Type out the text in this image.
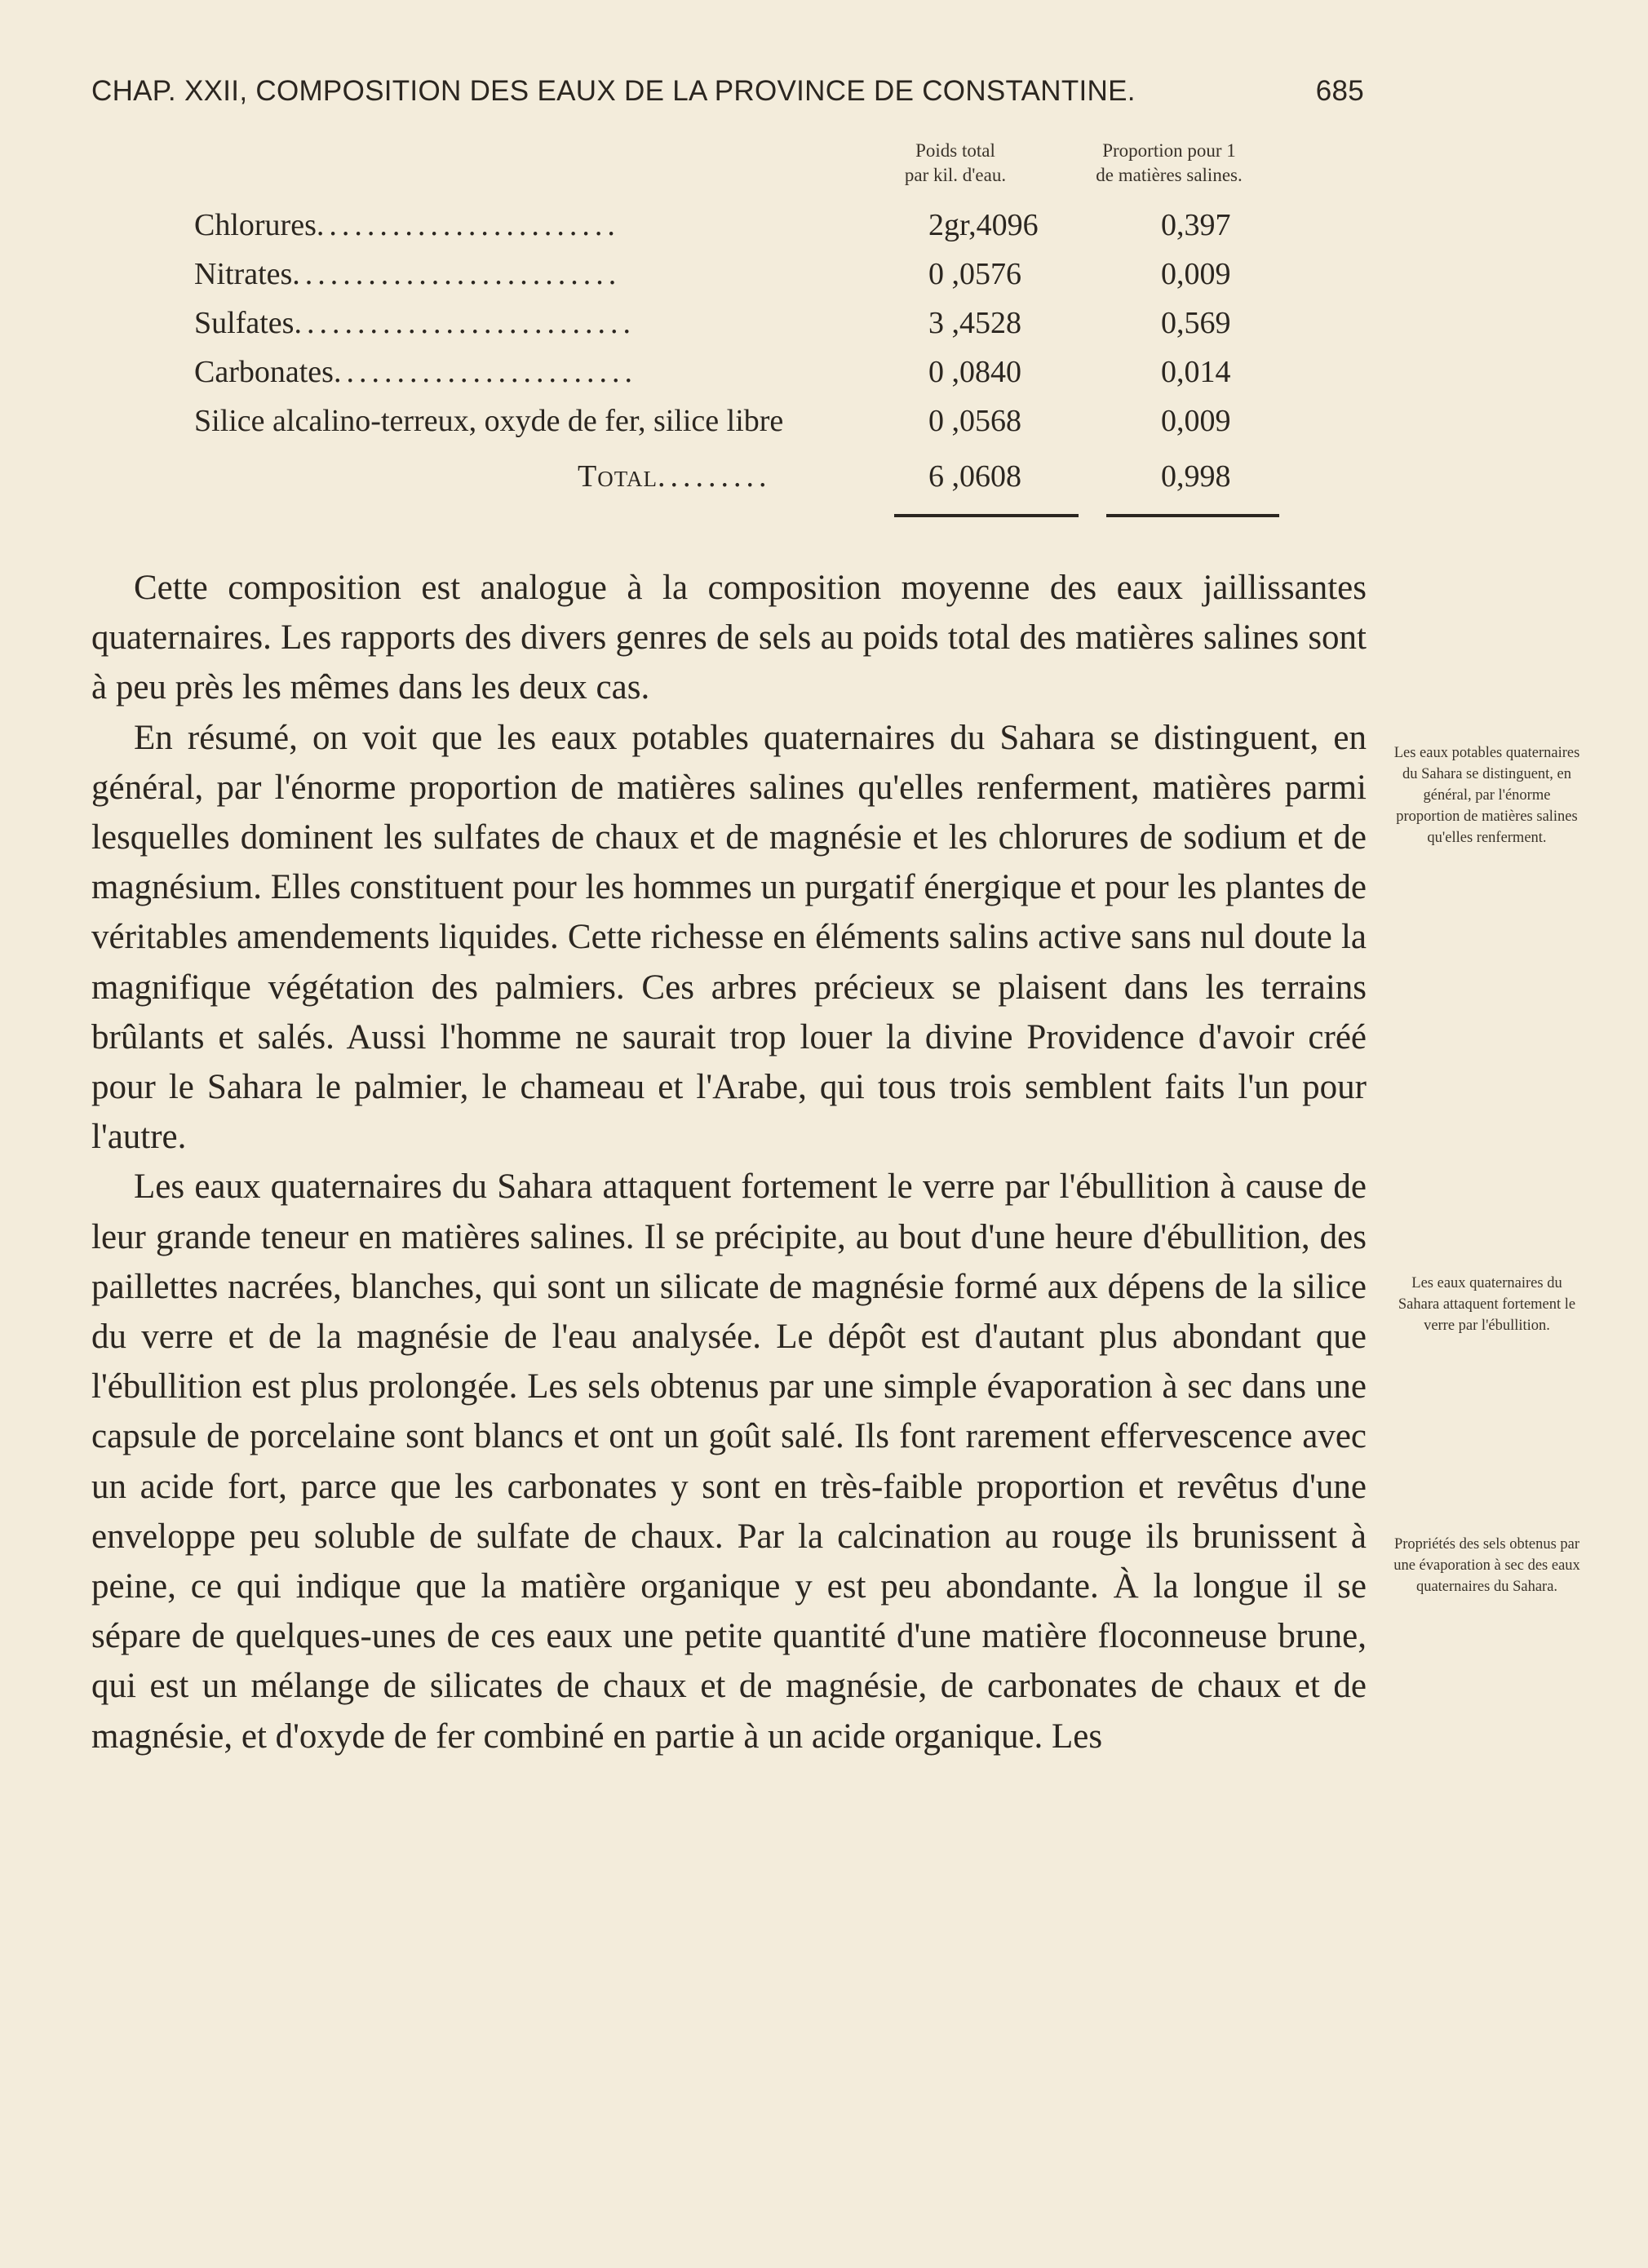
CHAP. XXII, COMPOSITION DES EAUX DE LA PROVINCE DE CONSTANTINE.	685
Poids total
par kil. d'eau.
Proportion pour 1
de matières salines.
Chlorures........................	2gr,4096	0,397
Nitrates..........................	0 ,0576	0,009
Sulfates...........................	3 ,4528	0,569
Carbonates........................	0 ,0840	0,014
Silice alcalino-terreux, oxyde de fer, silice libre	0 ,0568	0,009
Total.........	6 ,0608	0,998

Cette composition est analogue à la composition moyenne des eaux jaillissantes quaternaires. Les rapports des divers genres de sels au poids total des matières salines sont à peu près les mêmes dans les deux cas.

En résumé, on voit que les eaux potables quaternaires du Sahara se distinguent, en général, par l'énorme proportion de matières salines qu'elles renferment, matières parmi lesquelles dominent les sulfates de chaux et de magnésie et les chlorures de sodium et de magnésium. Elles constituent pour les hommes un purgatif énergique et pour les plantes de véritables amendements liquides. Cette richesse en éléments salins active sans nul doute la magnifique végétation des palmiers. Ces arbres précieux se plaisent dans les terrains brûlants et salés. Aussi l'homme ne saurait trop louer la divine Providence d'avoir créé pour le Sahara le palmier, le chameau et l'Arabe, qui tous trois semblent faits l'un pour l'autre.

Les eaux quaternaires du Sahara attaquent fortement le verre par l'ébullition à cause de leur grande teneur en matières salines. Il se précipite, au bout d'une heure d'ébullition, des paillettes nacrées, blanches, qui sont un silicate de magnésie formé aux dépens de la silice du verre et de la magnésie de l'eau analysée. Le dépôt est d'autant plus abondant que l'ébullition est plus prolongée. Les sels obtenus par une simple évaporation à sec dans une capsule de porcelaine sont blancs et ont un goût salé. Ils font rarement effervescence avec un acide fort, parce que les carbonates y sont en très-faible proportion et revêtus d'une enveloppe peu soluble de sulfate de chaux. Par la calcination au rouge ils brunissent à peine, ce qui indique que la matière organique y est peu abondante. À la longue il se sépare de quelques-unes de ces eaux une petite quantité d'une matière floconneuse brune, qui est un mélange de silicates de chaux et de magnésie, de carbonates de chaux et de magnésie, et d'oxyde de fer combiné en partie à un acide organique. Les

Les eaux potables quaternaires du Sahara se distinguent, en général, par l'énorme proportion de matières salines qu'elles renferment.
Les eaux quaternaires du Sahara attaquent fortement le verre par l'ébullition.
Propriétés des sels obtenus par une évaporation à sec des eaux quaternaires du Sahara.
